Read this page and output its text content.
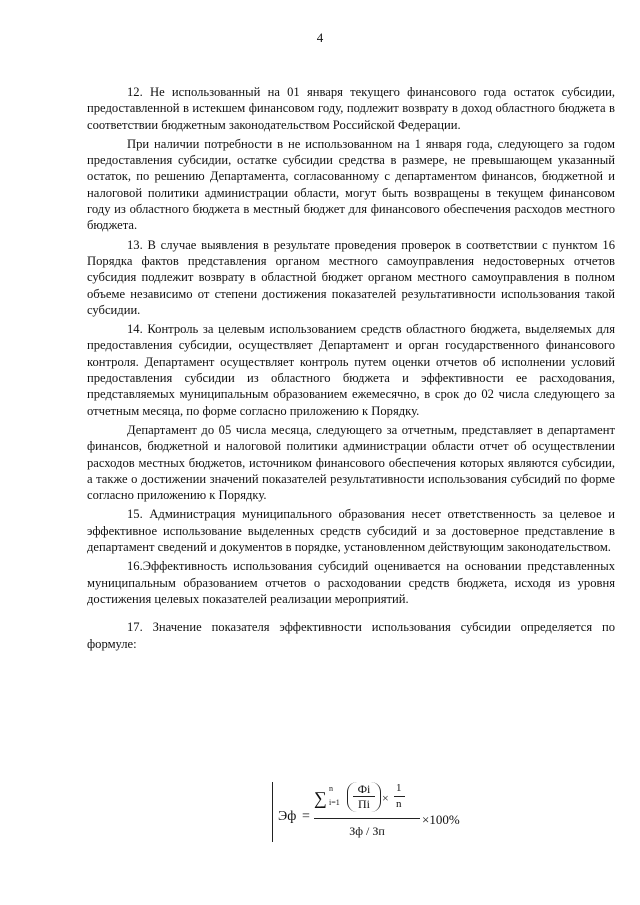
4

12. Не использованный на 01 января текущего финансового года остаток субсидии, предоставленной в истекшем финансовом году, подлежит возврату в доход областного бюджета в соответствии бюджетным законодательством Российской Федерации.

При наличии потребности в не использованном на 1 января года, следующего за годом предоставления субсидии, остатке субсидии средства в размере, не превышающем указанный остаток, по решению Департамента, согласованному с департаментом финансов, бюджетной и налоговой политики администрации области, могут быть возвращены в текущем финансовом году из областного бюджета в местный бюджет для финансового обеспечения расходов местного бюджета.

13. В случае выявления в результате проведения проверок в соответствии с пунктом 16 Порядка фактов представления органом местного самоуправления недостоверных отчетов субсидия подлежит возврату в областной бюджет органом местного самоуправления в полном объеме независимо от степени достижения показателей результативности использования такой субсидии.

14. Контроль за целевым использованием средств областного бюджета, выделяемых для предоставления субсидии, осуществляет Департамент и орган государственного финансового контроля. Департамент осуществляет контроль путем оценки отчетов об исполнении условий предоставления субсидии из областного бюджета и эффективности ее расходования, представляемых муниципальным образованием ежемесячно, в срок до 02 числа следующего за отчетным месяца, по форме согласно приложению к Порядку.

Департамент до 05 числа месяца, следующего за отчетным, представляет в департамент финансов, бюджетной и налоговой политики администрации области отчет об осуществлении расходов местных бюджетов, источником финансового обеспечения которых являются субсидии, а также о достижении значений показателей результативности использования субсидий по форме согласно приложению к Порядку.

15. Администрация муниципального образования несет ответственность за целевое и эффективное использование выделенных средств субсидий и за достоверное представление в департамент сведений и документов в порядке, установленном действующим законодательством.

16.Эффективность использования субсидий оценивается на основании представленных муниципальным образованием отчетов о расходовании средств бюджета, исходя из уровня достижения целевых показателей реализации мероприятий.

17. Значение показателя эффективности использования субсидии определяется по формуле:

Эф =
∑ n
i=1
Фi
Пi	×
1
n
Зф / Зп
×100%
